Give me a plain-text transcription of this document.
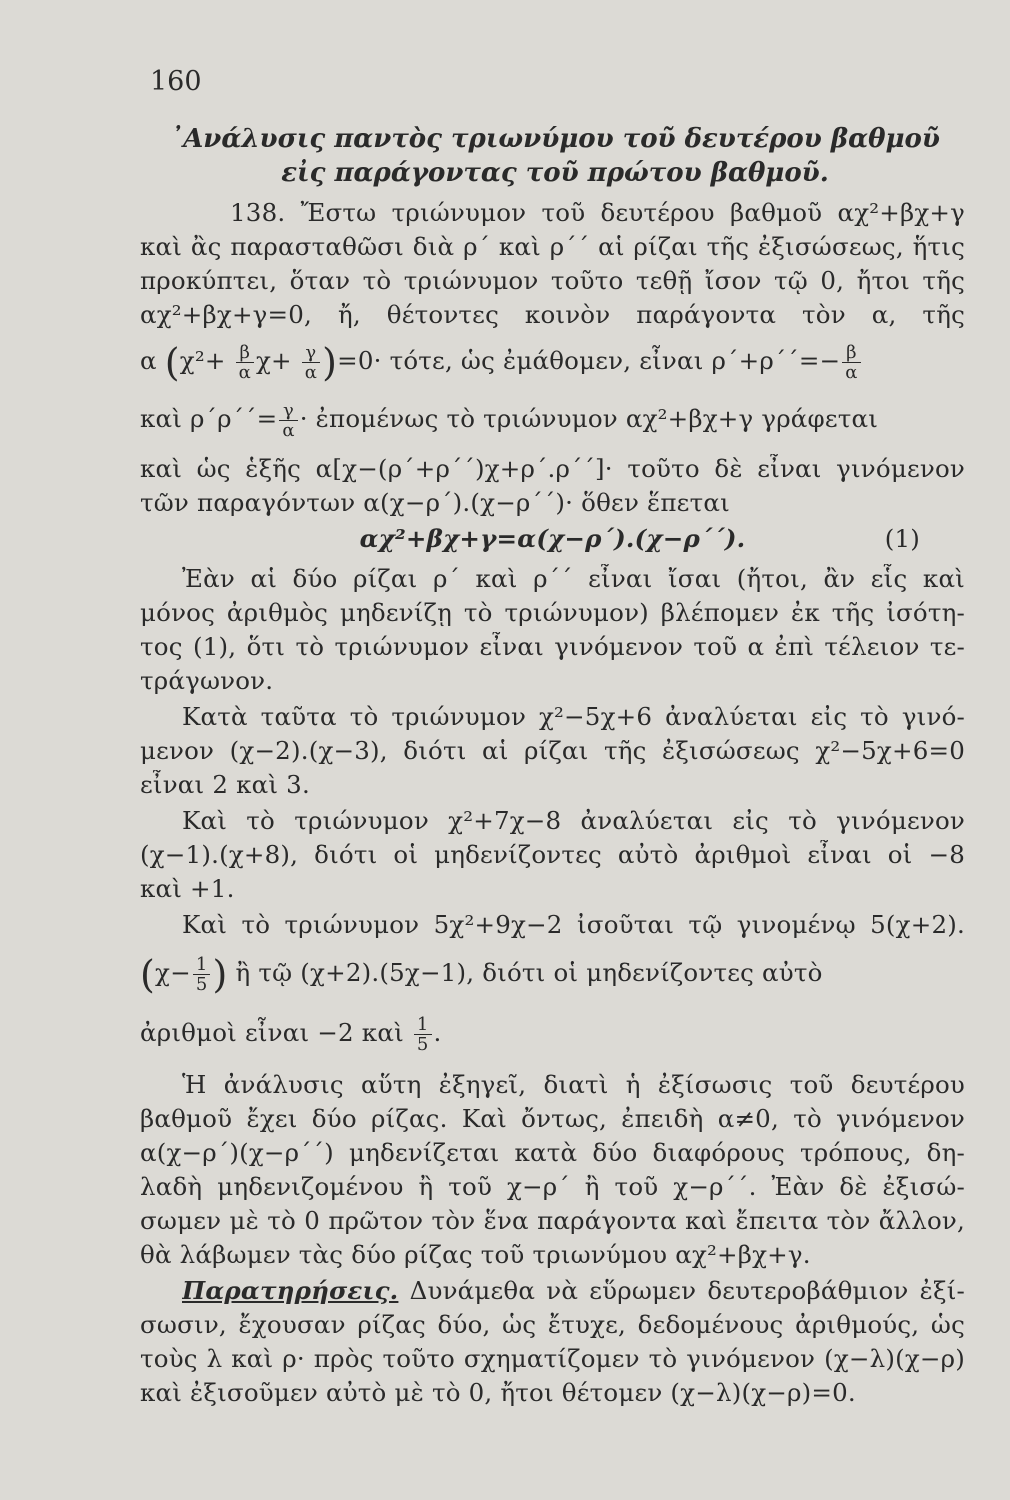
160
᾿Ανάλυσις παντὸς τριωνύμου τοῦ δευτέρου βαθμοῦ
εἰς παράγοντας τοῦ πρώτου βαθμοῦ.
138. Ἔστω τριώνυμον τοῦ δευτέρου βαθμοῦ αχ²+βχ+γ
καὶ ἂς παρασταθῶσι διὰ ρ΄ καὶ ρ΄΄ αἱ ρίζαι τῆς ἐξισώσεως, ἥτις
προκύπτει, ὅταν τὸ τριώνυμον τοῦτο τεθῇ ἴσον τῷ 0, ἤτοι τῆς
αχ²+βχ+γ=0, ἤ, θέτοντες κοινὸν παράγοντα τὸν α, τῆς
α $(\chi^2+ \frac{\beta}{\alpha} \chi+ \frac{\gamma}{\alpha} )=0\cdot \tau ό\tau\varepsilon$, ὡς ἐμάθομεν, εἶναι $\rho΄+\rho΄΄=- \frac{\beta}{\alpha}$
καὶ $\rho΄\rho΄΄= \frac{\gamma}{\alpha}$ · ἐπομένως τὸ τριώνυμον αχ²+βχ+γ γράφεται
καὶ ὡς ἑξῆς α[χ−(ρ΄+ρ΄΄)χ+ρ΄.ρ΄΄]· τοῦτο δὲ εἶναι γινόμενον
τῶν παραγόντων α(χ−ρ΄).(χ−ρ΄΄)· ὅθεν ἕπεται
αχ²+βχ+γ=α(χ−ρ΄).(χ−ρ΄΄).	(1)
Ἐὰν αἱ δύο ρίζαι ρ΄ καὶ ρ΄΄ εἶναι ἴσαι (ἤτοι, ἂν εἷς καὶ
μόνος ἀριθμὸς μηδενίζῃ τὸ τριώνυμον) βλέπομεν ἐκ τῆς ἰσότη-
τος (1), ὅτι τὸ τριώνυμον εἶναι γινόμενον τοῦ α ἐπὶ τέλειον τε-
τράγωνον.
Κατὰ ταῦτα τὸ τριώνυμον χ²−5χ+6 ἀναλύεται εἰς τὸ γινό-
μενον (χ−2).(χ−3), διότι αἱ ρίζαι τῆς ἐξισώσεως χ²−5χ+6=0
εἶναι 2 καὶ 3.
Καὶ τὸ τριώνυμον χ²+7χ−8 ἀναλύεται εἰς τὸ γινόμενον
(χ−1).(χ+8), διότι οἱ μηδενίζοντες αὐτὸ ἀριθμοὶ εἶναι οἱ −8
καὶ +1.
Καὶ τὸ τριώνυμον 5χ²+9χ−2 ἰσοῦται τῷ γινομένῳ 5(χ+2).
($\chi- \frac{1}{5}$ ) ἢ τῷ (χ+2).(5χ−1), διότι οἱ μηδενίζοντες αὐτὸ
ἀριθμοὶ εἶναι −2 καὶ $\frac{1}{5}$ .
Ἡ ἀνάλυσις αὕτη ἐξηγεῖ, διατὶ ἡ ἐξίσωσις τοῦ δευτέρου
βαθμοῦ ἔχει δύο ρίζας. Καὶ ὄντως, ἐπειδὴ α≠0, τὸ γινόμενον
α(χ−ρ΄)(χ−ρ΄΄) μηδενίζεται κατὰ δύο διαφόρους τρόπους, δη-
λαδὴ μηδενιζομένου ἢ τοῦ χ−ρ΄ ἢ τοῦ χ−ρ΄΄. Ἐὰν δὲ ἐξισώ-
σωμεν μὲ τὸ 0 πρῶτον τὸν ἕνα παράγοντα καὶ ἔπειτα τὸν ἄλλον,
θὰ λάβωμεν τὰς δύο ρίζας τοῦ τριωνύμου αχ²+βχ+γ.
Παρατηρήσεις. Δυνάμεθα νὰ εὕρωμεν δευτεροβάθμιον ἐξί-
σωσιν, ἔχουσαν ρίζας δύο, ὡς ἔτυχε, δεδομένους ἀριθμούς, ὡς
τοὺς λ καὶ ρ· πρὸς τοῦτο σχηματίζομεν τὸ γινόμενον (χ−λ)(χ−ρ)
καὶ ἐξισοῦμεν αὐτὸ μὲ τὸ 0, ἤτοι θέτομεν (χ−λ)(χ−ρ)=0.
